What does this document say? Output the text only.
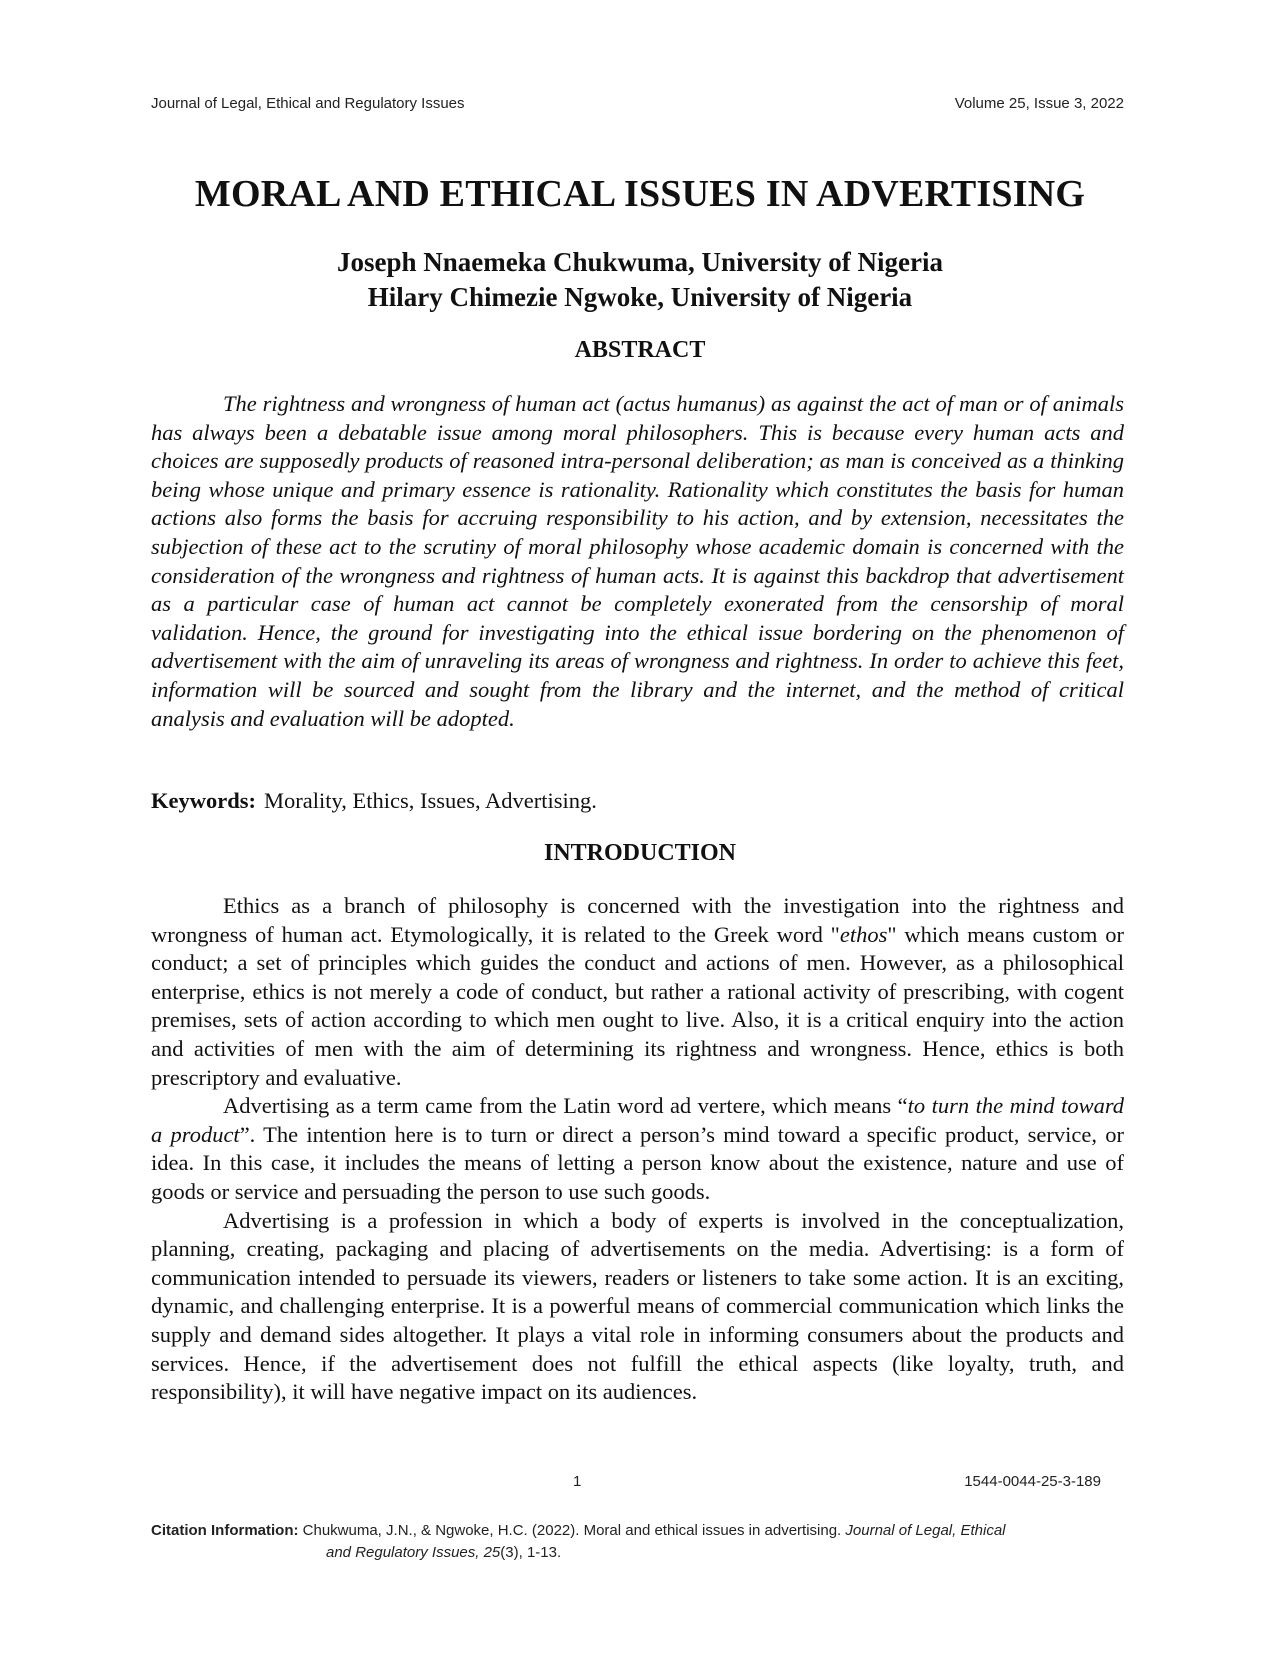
Journal of Legal, Ethical and Regulatory Issues	Volume 25, Issue 3, 2022
MORAL AND ETHICAL ISSUES IN ADVERTISING
Joseph Nnaemeka Chukwuma, University of Nigeria
Hilary Chimezie Ngwoke, University of Nigeria
ABSTRACT

The rightness and wrongness of human act (actus humanus) as against the act of man or of animals has always been a debatable issue among moral philosophers. This is because every human acts and choices are supposedly products of reasoned intra-personal deliberation; as man is conceived as a thinking being whose unique and primary essence is rationality. Rationality which constitutes the basis for human actions also forms the basis for accruing responsibility to his action, and by extension, necessitates the subjection of these act to the scrutiny of moral philosophy whose academic domain is concerned with the consideration of the wrongness and rightness of human acts. It is against this backdrop that advertisement as a particular case of human act cannot be completely exonerated from the censorship of moral validation. Hence, the ground for investigating into the ethical issue bordering on the phenomenon of advertisement with the aim of unraveling its areas of wrongness and rightness. In order to achieve this feet, information will be sourced and sought from the library and the internet, and the method of critical analysis and evaluation will be adopted.

Keywords: Morality, Ethics, Issues, Advertising.
INTRODUCTION

Ethics as a branch of philosophy is concerned with the investigation into the rightness and wrongness of human act. Etymologically, it is related to the Greek word "ethos" which means custom or conduct; a set of principles which guides the conduct and actions of men. However, as a philosophical enterprise, ethics is not merely a code of conduct, but rather a rational activity of prescribing, with cogent premises, sets of action according to which men ought to live. Also, it is a critical enquiry into the action and activities of men with the aim of determining its rightness and wrongness. Hence, ethics is both prescriptory and evaluative.

Advertising as a term came from the Latin word ad vertere, which means “to turn the mind toward a product”. The intention here is to turn or direct a person’s mind toward a specific product, service, or idea. In this case, it includes the means of letting a person know about the existence, nature and use of goods or service and persuading the person to use such goods.

Advertising is a profession in which a body of experts is involved in the conceptualization, planning, creating, packaging and placing of advertisements on the media. Advertising: is a form of communication intended to persuade its viewers, readers or listeners to take some action. It is an exciting, dynamic, and challenging enterprise. It is a powerful means of commercial communication which links the supply and demand sides altogether. It plays a vital role in informing consumers about the products and services. Hence, if the advertisement does not fulfill the ethical aspects (like loyalty, truth, and responsibility), it will have negative impact on its audiences.

1	1544-0044-25-3-189
Citation Information: Chukwuma, J.N., & Ngwoke, H.C. (2022). Moral and ethical issues in advertising. Journal of Legal, Ethical
and Regulatory Issues, 25(3), 1-13.
